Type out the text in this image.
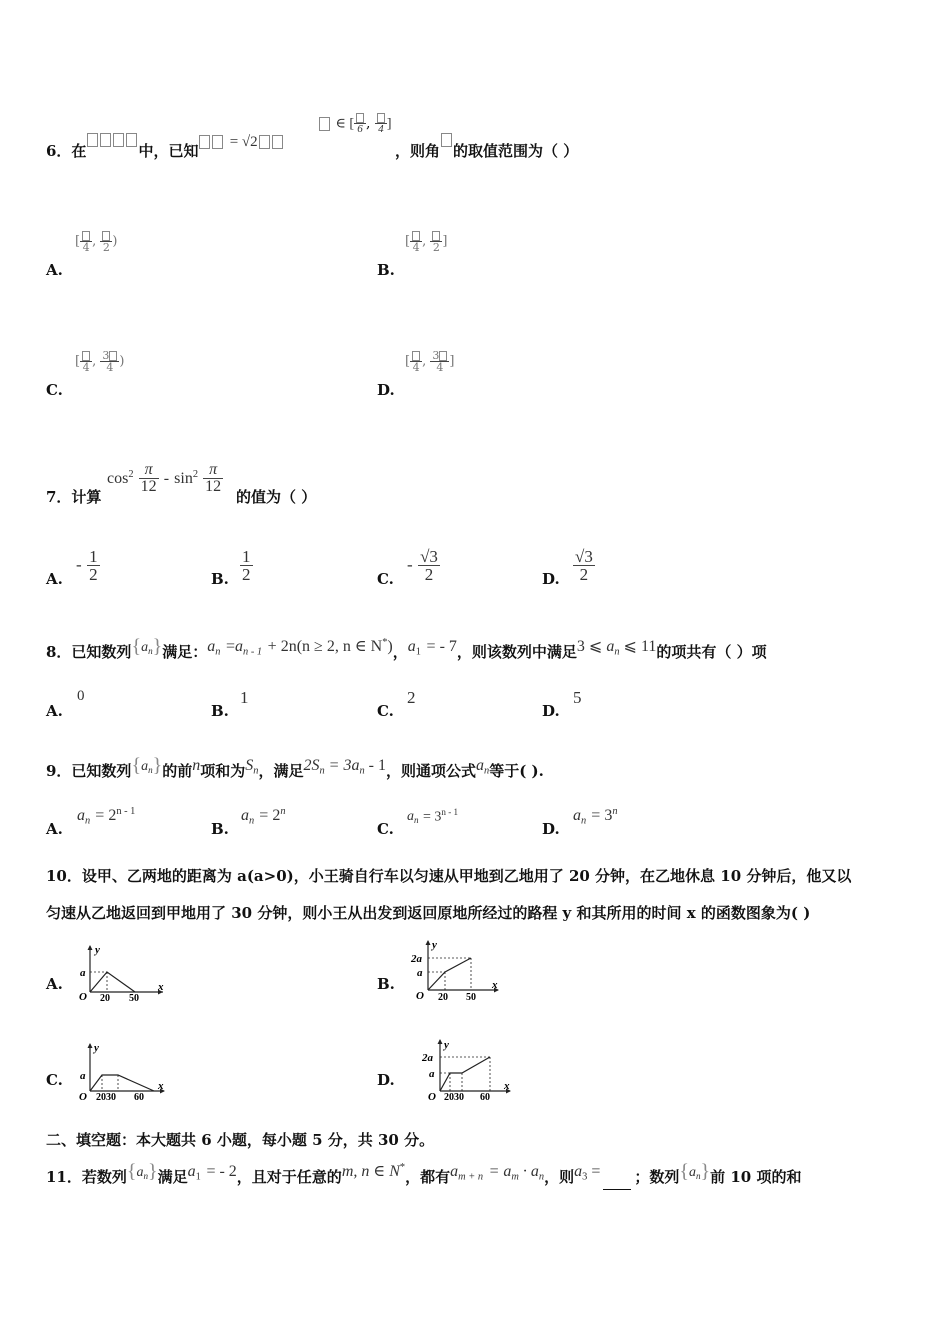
6．在	中，已知 = √2
∈ [ 6 , 4 ]
，则角 的取值范围为（ ）
A.
[ 4 , 2 )
B.
[ 4 , 2 ]
C.
[ 4 , $\frac{3}{4}$ )
D.
[ 4 , $\frac{3}{4}$ ]
7．计算
$\cos^2 \frac{\pi}{12} - \sin^2 \frac{\pi}{12}$
的值为（ ）
A.
- $\frac{1}{2}$	B. $\frac{1}{2}$	C.
- $\frac{√3}{2}$	D. $\frac{√3}{2}$
8．已知数列$\{a_n\}$满足：$a_n =a_{n - 1} + 2n(n \ge 2$, n ∈ N*)，$a_1$ = - 7，则该数列中满足3 ⩽ $a_n$ ⩽ 11的项共有（ ）项
A.
0
B.
1
C.
2
D.
5
9．已知数列$\{a_n\}$的前n项和为$S_n$，满足$2S_n = 3a_n - 1$，则通项公式$a_n$等于( ).
A.
$a_n = 2^{n - 1}$
B.
$a_n = 2^n$
C.
$a_n = 3^{n - 1}$
D.
$a_n = 3^n$
10．设甲、乙两地的距离为 a(a>0)，小王骑自行车以匀速从甲地到乙地用了 20 分钟，在乙地休息 10 分钟后，他又以
匀速从乙地返回到甲地用了 30 分钟，则小王从出发到返回原地所经过的路程 y 和其所用的时间 x 的函数图象为( )
A.
y
x
a
O 20 50
B.
y
x
2a
a
O 20 50
C.
y
x
a
O 2030 60
D.
y
x
2a
a
O 2030 60
二、填空题：本大题共 6 小题，每小题 5 分，共 30 分。
11．若数列$\{a_n\}$满足$a_1$ = - 2，且对于任意的m, n ∈ N*，都有$a_{m + n} = a_m \cdot a_n$，则$a_3$ = ；数列$\{a_n\}$前 10 项的和
